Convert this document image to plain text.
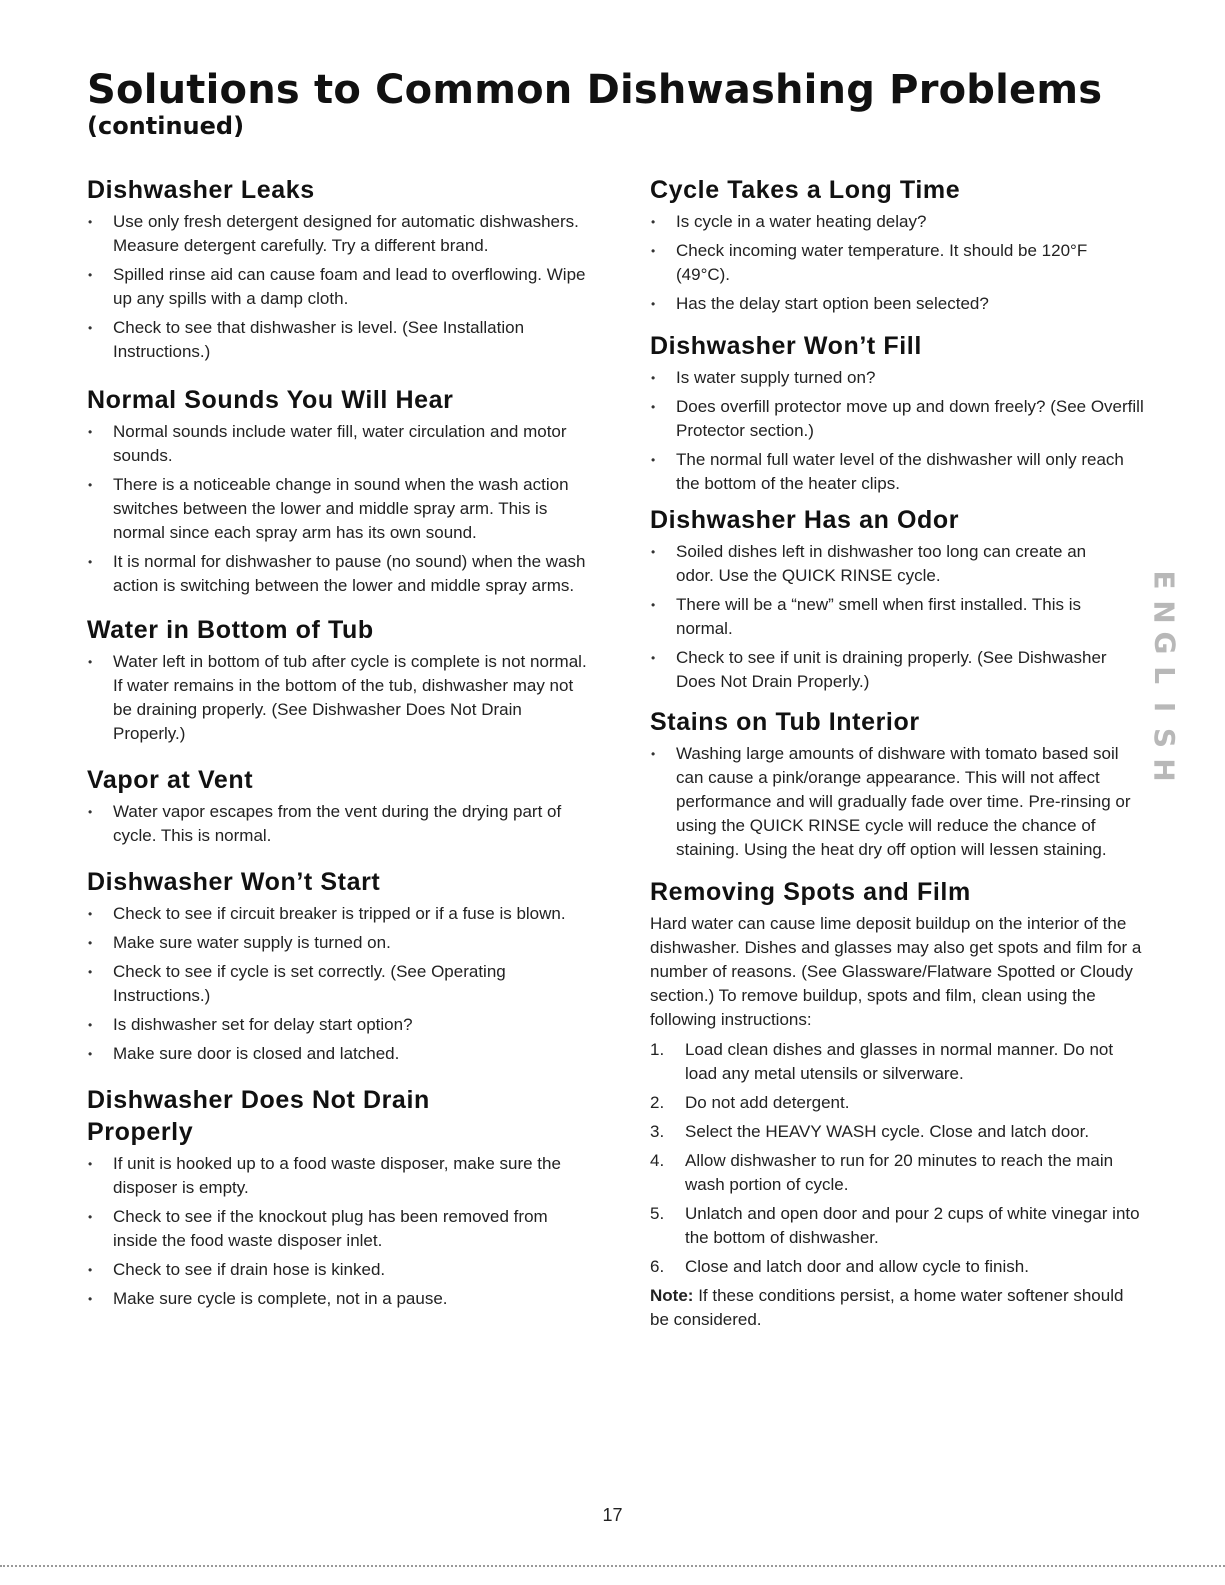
Solutions to Common Dishwashing Problems
(continued)
Dishwasher Leaks
• Use only fresh detergent designed for automatic dishwashers. Measure detergent carefully. Try a different brand.
• Spilled rinse aid can cause foam and lead to overflowing. Wipe up any spills with a damp cloth.
• Check to see that dishwasher is level. (See Installation Instructions.)
Normal Sounds You Will Hear
• Normal sounds include water fill, water circulation and motor sounds.
• There is a noticeable change in sound when the wash action switches between the lower and middle spray arm. This is normal since each spray arm has its own sound.
• It is normal for dishwasher to pause (no sound) when the wash action is switching between the lower and middle spray arms.
Water in Bottom of Tub
• Water left in bottom of tub after cycle is complete is not normal. If water remains in the bottom of the tub, dishwasher may not be draining properly. (See Dishwasher Does Not Drain Properly.)
Vapor at Vent
• Water vapor escapes from the vent during the drying part of cycle. This is normal.
Dishwasher Won’t Start
• Check to see if circuit breaker is tripped or if a fuse is blown.
• Make sure water supply is turned on.
• Check to see if cycle is set correctly. (See Operating Instructions.)
• Is dishwasher set for delay start option?
• Make sure door is closed and latched.
Dishwasher Does Not Drain Properly
• If unit is hooked up to a food waste disposer, make sure the disposer is empty.
• Check to see if the knockout plug has been removed from inside the food waste disposer inlet.
• Check to see if drain hose is kinked.
• Make sure cycle is complete, not in a pause.
Cycle Takes a Long Time
• Is cycle in a water heating delay?
• Check incoming water temperature. It should be 120°F (49°C).
• Has the delay start option been selected?
Dishwasher Won’t Fill
• Is water supply turned on?
• Does overfill protector move up and down freely? (See Overfill Protector section.)
• The normal full water level of the dishwasher will only reach the bottom of the heater clips.
Dishwasher Has an Odor
• Soiled dishes left in dishwasher too long can create an odor. Use the QUICK RINSE cycle.
• There will be a “new” smell when first installed. This is normal.
• Check to see if unit is draining properly. (See Dishwasher Does Not Drain Properly.)
Stains on Tub Interior
• Washing large amounts of dishware with tomato based soil can cause a pink/orange appearance. This will not affect performance and will gradually fade over time. Pre-rinsing or using the QUICK RINSE cycle will reduce the chance of staining. Using the heat dry off option will lessen staining.
Removing Spots and Film

Hard water can cause lime deposit buildup on the interior of the dishwasher. Dishes and glasses may also get spots and film for a number of reasons. (See Glassware/Flatware Spotted or Cloudy section.) To remove buildup, spots and film, clean using the following instructions:

1. Load clean dishes and glasses in normal manner. Do not load any metal utensils or silverware.
2. Do not add detergent.
3. Select the HEAVY WASH cycle. Close and latch door.
4. Allow dishwasher to run for 20 minutes to reach the main wash portion of cycle.
5. Unlatch and open door and pour 2 cups of white vinegar into the bottom of dishwasher.
6. Close and latch door and allow cycle to finish.

Note: If these conditions persist, a home water softener should be considered.

E
N
G
L
I
S
H
17
